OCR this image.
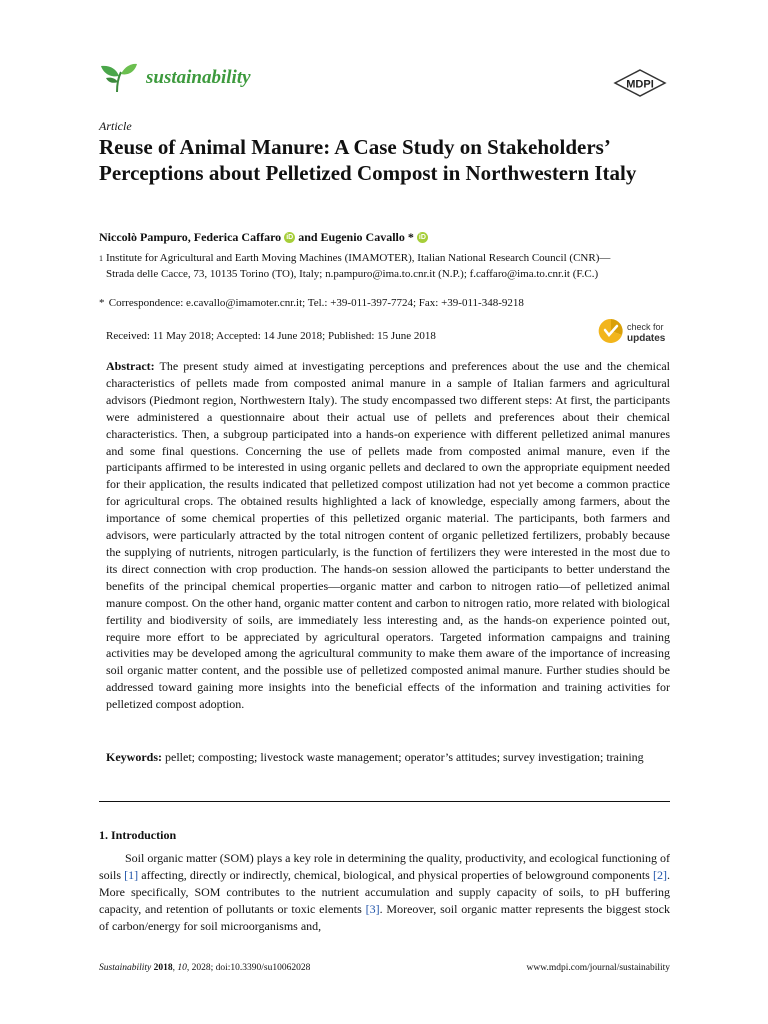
sustainability	MDPI
Article
Reuse of Animal Manure: A Case Study on Stakeholders’ Perceptions about Pelletized Compost in Northwestern Italy
Niccolò Pampuro, Federica Caffaro iD and Eugenio Cavallo * iD
1 Institute for Agricultural and Earth Moving Machines (IMAMOTER), Italian National Research Council (CNR)—Strada delle Cacce, 73, 10135 Torino (TO), Italy; n.pampuro@ima.to.cnr.it (N.P.); f.caffaro@ima.to.cnr.it (F.C.)
* Correspondence: e.cavallo@imamoter.cnr.it; Tel.: +39-011-397-7724; Fax: +39-011-348-9218
Received: 11 May 2018; Accepted: 14 June 2018; Published: 15 June 2018
check for
updates
Abstract: The present study aimed at investigating perceptions and preferences about the use and the chemical characteristics of pellets made from composted animal manure in a sample of Italian farmers and agricultural advisors (Piedmont region, Northwestern Italy). The study encompassed two different steps: At first, the participants were administered a questionnaire about their actual use of pellets and preferences about their chemical characteristics. Then, a subgroup participated into a hands-on experience with different pelletized animal manures and some final questions. Concerning the use of pellets made from composted animal manure, even if the participants affirmed to be interested in using organic pellets and declared to own the appropriate equipment needed for their application, the results indicated that pelletized compost utilization had not yet become a common practice for agricultural crops. The obtained results highlighted a lack of knowledge, especially among farmers, about the importance of some chemical properties of this pelletized organic material. The participants, both farmers and advisors, were particularly attracted by the total nitrogen content of organic pelletized fertilizers, probably because the supplying of nutrients, nitrogen particularly, is the function of fertilizers they were interested in the most due to its direct connection with crop production. The hands-on session allowed the participants to better understand the benefits of the principal chemical properties—organic matter and carbon to nitrogen ratio—of pelletized animal manure compost. On the other hand, organic matter content and carbon to nitrogen ratio, more related with biological fertility and biodiversity of soils, are immediately less interesting and, as the hands-on experience pointed out, require more effort to be appreciated by agricultural operators. Targeted information campaigns and training activities may be developed among the agricultural community to make them aware of the importance of increasing soil organic matter content, and the possible use of pelletized composted animal manure. Further studies should be addressed toward gaining more insights into the beneficial effects of the information and training activities for pelletized compost adoption.
Keywords: pellet; composting; livestock waste management; operator’s attitudes; survey investigation; training
1. Introduction
Soil organic matter (SOM) plays a key role in determining the quality, productivity, and ecological functioning of soils [1] affecting, directly or indirectly, chemical, biological, and physical properties of belowground components [2]. More specifically, SOM contributes to the nutrient accumulation and supply capacity of soils, to pH buffering capacity, and retention of pollutants or toxic elements [3]. Moreover, soil organic matter represents the biggest stock of carbon/energy for soil microorganisms and,
Sustainability 2018, 10, 2028; doi:10.3390/su10062028	www.mdpi.com/journal/sustainability
